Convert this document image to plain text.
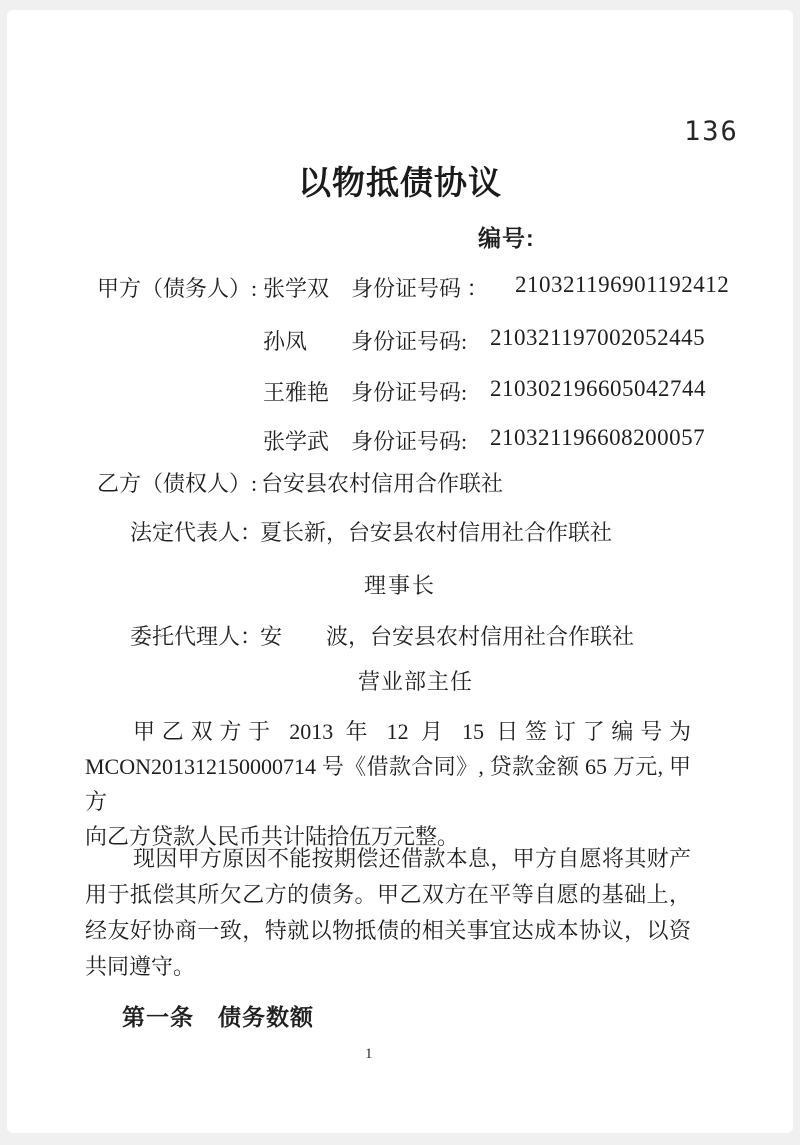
136
以物抵债协议
编号:
甲方（债务人）: 张学双 身份证号码 ： 210321196901192412
孙凤 身份证号码: 210321197002052445
王雅艳 身份证号码: 210302196605042744
张学武 身份证号码: 210321196608200057
乙方（债权人）: 台安县农村信用合作联社
法定代表人：
夏长新，台安县农村信用社合作联社
理事长
委托代理人：
安　　波，台安县农村信用社合作联社
营业部主任
甲乙双方于 2013 年 12 月 15 日签订了编号为
MCON201312150000714 号《借款合同》, 贷款金额 65 万元, 甲方
向乙方贷款人民币共计陆拾伍万元整。
现因甲方原因不能按期偿还借款本息，甲方自愿将其财产
用于抵偿其所欠乙方的债务。甲乙双方在平等自愿的基础上，
经友好协商一致，特就以物抵债的相关事宜达成本协议，以资
共同遵守。
第一条　债务数额
1
